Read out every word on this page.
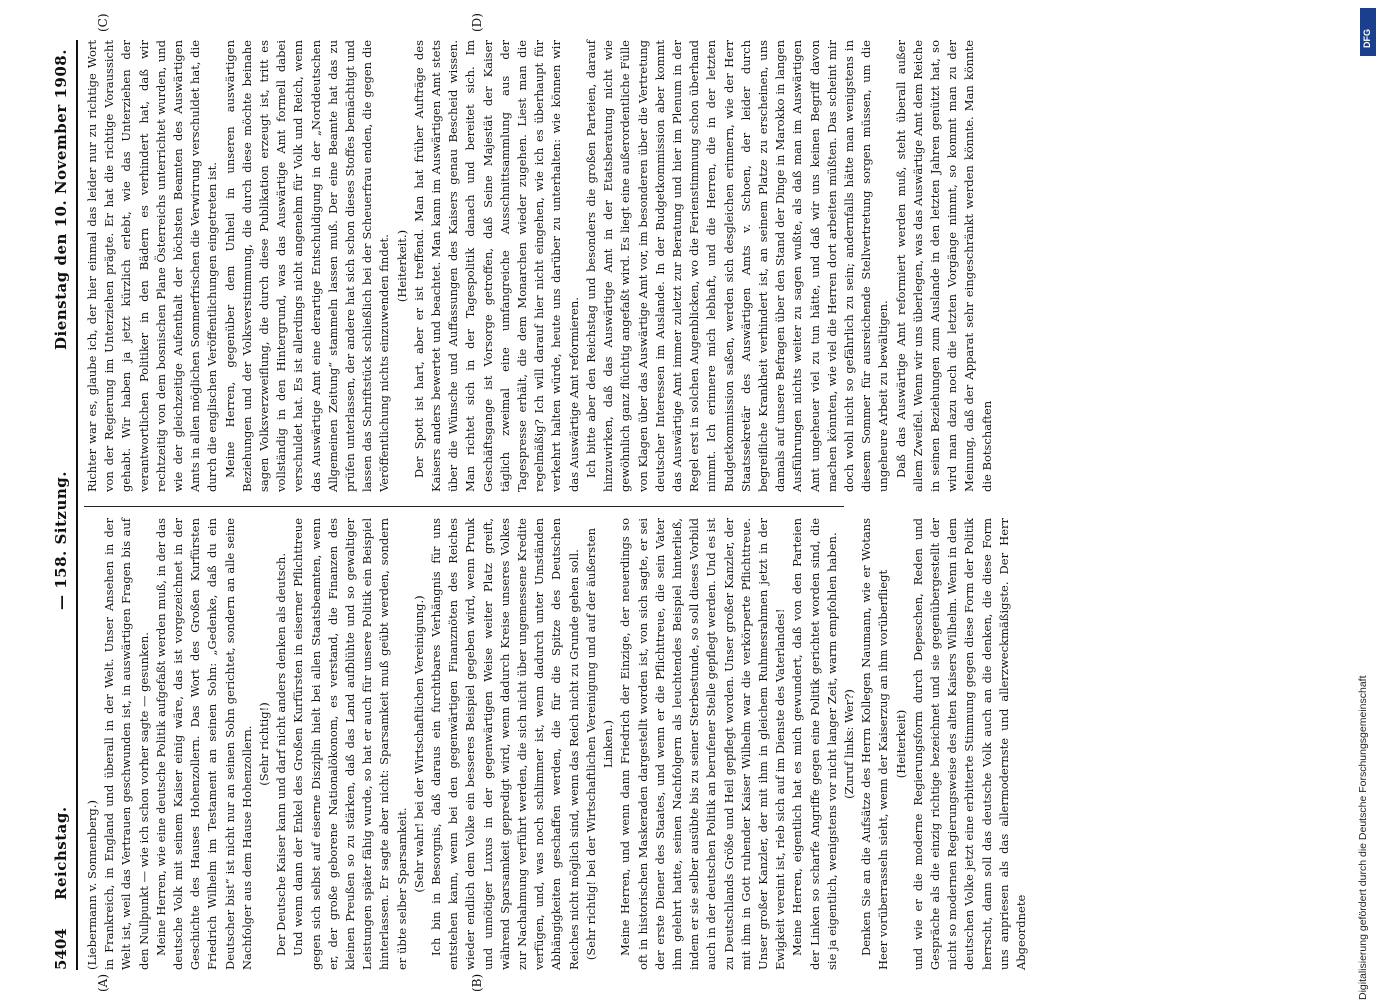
5404
Reichstag.
— 158. Sitzung.
Dienstag den 10. November 1908.
(A)	(B)
(C)	(D)

(Liebermann v. Sonnenberg.) in Frankreich, in England und überall in der Welt. Unser Ansehen in der Welt ist, weil das Vertrauen geschwunden ist, in auswärtigen Fragen bis auf den Nullpunkt — wie ich schon vorher sagte — gesunken. Meine Herren, wie eine deutsche Politik aufgefaßt werden muß, in der das deutsche Volk mit seinem Kaiser einig wäre, das ist vorgezeichnet in der Geschichte des Hauses Hohenzollern. Das Wort des Großen Kurfürsten Friedrich Wilhelm im Testament an seinen Sohn: „Gedenke, daß du ein Deutscher bist“ ist nicht nur an seinen Sohn gerichtet, sondern an alle seine Nachfolger aus dem Hause Hohenzollern. (Sehr richtig!) Der Deutsche Kaiser kann und darf nicht anders denken als deutsch. Und wenn dann der Enkel des Großen Kurfürsten in eiserner Pflichttreue gegen sich selbst auf eiserne Disziplin hielt bei allen Staatsbeamten, wenn er, der große geborene Nationalökonom, es verstand, die Finanzen des kleinen Preußen so zu stärken, daß das Land aufblühte und so gewaltiger Leistungen später fähig wurde, so hat er auch für unsere Politik ein Beispiel hinterlassen. Er sagte aber nicht: Sparsamkeit muß geübt werden, sondern er übte selber Sparsamkeit. (Sehr wahr! bei der Wirtschaftlichen Vereinigung.) Ich bin in Besorgnis, daß daraus ein furchtbares Verhängnis für uns entstehen kann, wenn bei den gegenwärtigen Finanznöten des Reiches wieder endlich dem Volke ein besseres Beispiel gegeben wird, wenn Prunk und unnötiger Luxus in der gegenwärtigen Weise weiter Platz greift, während Sparsamkeit gepredigt wird, wenn dadurch Kreise unseres Volkes zur Nachahmung verführt werden, die sich nicht über ungemessene Kredite verfügen, und, was noch schlimmer ist, wenn dadurch unter Umständen Abhängigkeiten geschaffen werden, die für die Spitze des Deutschen Reiches nicht möglich sind, wenn das Reich nicht zu Grunde gehen soll. (Sehr richtig! bei der Wirtschaftlichen Vereinigung und auf der äußersten Linken.) Meine Herren, und wenn dann Friedrich der Einzige, der neuerdings so oft in historischen Maskeraden dargestellt worden ist, von sich sagte, er sei der erste Diener des Staates, und wenn er die Pflichttreue, die sein Vater ihm gelehrt hatte, seinen Nachfolgern als leuchtendes Beispiel hinterließ, indem er sie selber ausübte bis zu seiner Sterbestunde, so soll dieses Vorbild auch in der deutschen Politik an berufener Stelle gepflegt werden. Und es ist zu Deutschlands Größe und Heil gepflegt worden. Unser großer Kanzler, der mit ihm in Gott ruhender Kaiser Wilhelm war die verkörperte Pflichttreue. Unser großer Kanzler, der mit ihm in gleichem Ruhmesrahmen jetzt in der Ewigkeit vereint ist, rieb sich auf im Dienste des Vaterlandes! Meine Herren, eigentlich hat es mich gewundert, daß von den Parteien der Linken so scharfe Angriffe gegen eine Politik gerichtet worden sind, die sie ja eigentlich, wenigstens vor nicht langer Zeit, warm empfohlen haben. (Zuruf links: Wer?) Denken Sie an die Aufsätze des Herrn Kollegen Naumann, wie er Wotans Heer vorüberrasseln sieht, wenn der Kaiserzug an ihm vorüberfliegt (Heiterkeit) und wie er die moderne Regierungsform durch Depeschen, Reden und Gespräche als die einzig richtige bezeichnet und sie gegenübergestellt der nicht so modernen Regierungsweise des alten Kaisers Wilhelm. Wenn in dem deutschen Volke jetzt eine erbitterte Stimmung gegen diese Form der Politik herrscht, dann soll das deutsche Volk auch an die denken, die diese Form uns anpriesen als das allermodernste und allerzweckmäßigste. Der Herr Abgeordnete

Richter war es, glaube ich, der hier einmal das leider nur zu richtige Wort von der Regierung im Unterziehen prägte. Er hat die richtige Voraussicht gehabt. Wir haben ja jetzt kürzlich erlebt, wie das Unterziehen der verantwortlichen Politiker in den Bädern es verhindert hat, daß wir rechtzeitig von dem bosnischen Plane Österreichs unterrichtet wurden, und wie der gleichzeitige Aufenthalt der höchsten Beamten des Auswärtigen Amts in allen möglichen Sommerfrischen die Verwirrung verschuldet hat, die durch die englischen Veröffentlichungen eingetreten ist. Meine Herren, gegenüber dem Unheil in unseren auswärtigen Beziehungen und der Volksverstimmung, die durch diese möchte beinahe sagen Volksverzweiflung, die durch diese Publikation erzeugt ist, tritt es vollständig in den Hintergrund, was das Auswärtige Amt formell dabei verschuldet hat. Es ist allerdings nicht angenehm für Volk und Reich, wenn das Auswärtige Amt eine derartige Entschuldigung in der „Norddeutschen Allgemeinen Zeitung“ stammeln lassen muß. Der eine Beamte hat das zu prüfen unterlassen, der andere hat sich schon dieses Stoffes bemächtigt und lassen das Schriftstück schließlich bei der Scheuerfrau enden, die gegen die Veröffentlichung nichts einzuwenden findet. (Heiterkeit.) Der Spott ist hart, aber er ist treffend. Man hat früher Aufträge des Kaisers anders bewertet und beachtet. Man kann im Auswärtigen Amt stets über die Wünsche und Auffassungen des Kaisers genau Bescheid wissen. Man richtet sich in der Tagespolitik danach und bereitet sich. Im Geschäftsgange ist Vorsorge getroffen, daß Seine Majestät der Kaiser täglich zweimal eine umfangreiche Ausschnittsammlung aus der Tagespresse erhält, die dem Monarchen wieder zugehen. Liest man die regelmäßig? Ich will darauf hier nicht eingehen, wie ich es überhaupt für verkehrt halten würde, heute uns darüber zu unterhalten: wie können wir das Auswärtige Amt reformieren. Ich bitte aber den Reichstag und besonders die großen Parteien, darauf hinzuwirken, daß das Auswärtige Amt in der Etatsberatung nicht wie gewöhnlich ganz flüchtig angefaßt wird. Es liegt eine außerordentliche Fülle von Klagen über das Auswärtige Amt vor, im besonderen über die Vertretung deutscher Interessen im Auslande. In der Budgetkommission aber kommt das Auswärtige Amt immer zuletzt zur Beratung und hier im Plenum in der Regel erst in solchen Augenblicken, wo die Ferienstimmung schon überhand nimmt. Ich erinnere mich lebhaft, und die Herren, die in der letzten Budgetkommission saßen, werden sich desgleichen erinnern, wie der Herr Staatssekretär des Auswärtigen Amts v. Schoen, der leider durch begreifliche Krankheit verhindert ist, an seinem Platze zu erscheinen, uns damals auf unsere Befragen über den Stand der Dinge in Marokko in langen Ausführungen nichts weiter zu sagen wußte, als daß man im Auswärtigen Amt ungeheuer viel zu tun hätte, und daß wir uns keinen Begriff davon machen könnten, wie viel die Herren dort arbeiten müßten. Das scheint mir doch wohl nicht so gefährlich zu sein; andernfalls hätte man wenigstens in diesem Sommer für ausreichende Stellvertretung sorgen müssen, um die ungeheure Arbeit zu bewältigen. Daß das Auswärtige Amt reformiert werden muß, steht überall außer allem Zweifel. Wenn wir uns überlegen, was das Auswärtige Amt dem Reiche in seinen Beziehungen zum Auslande in den letzten Jahren genützt hat, so wird man dazu noch die letzten Vorgänge nimmt, so kommt man zu der Meinung, daß der Apparat sehr eingeschränkt werden könnte. Man könnte die Botschaften

DFG
Digitalisierung gefördert durch die Deutsche Forschungsgemeinschaft
